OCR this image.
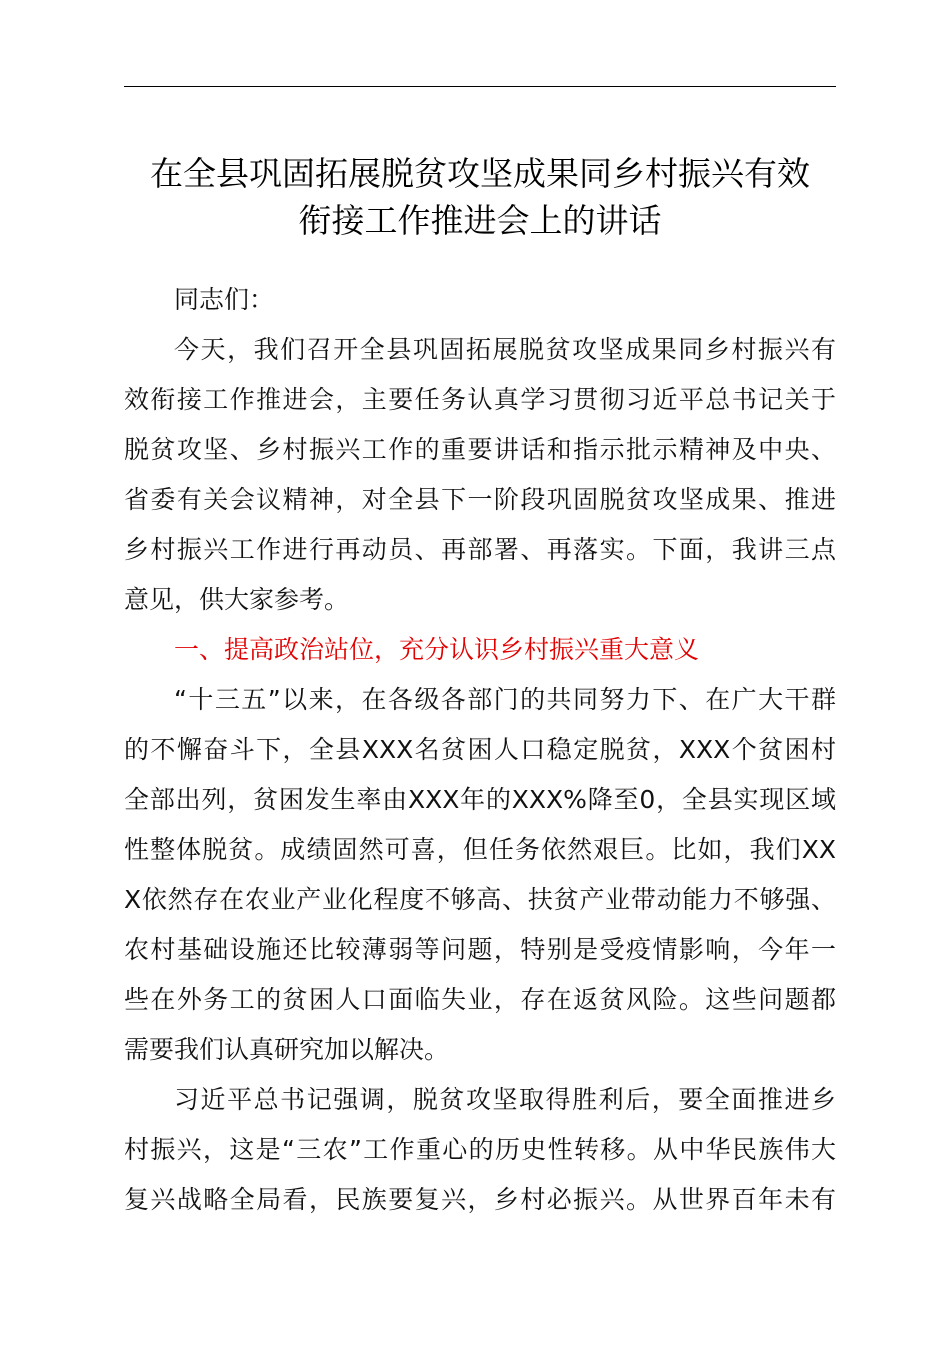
在全县巩固拓展脱贫攻坚成果同乡村振兴有效
衔接工作推进会上的讲话
同志们：
今天，我们召开全县巩固拓展脱贫攻坚成果同乡村振兴有
效衔接工作推进会，主要任务认真学习贯彻习近平总书记关于
脱贫攻坚、乡村振兴工作的重要讲话和指示批示精神及中央、
省委有关会议精神，对全县下一阶段巩固脱贫攻坚成果、推进
乡村振兴工作进行再动员、再部署、再落实。下面，我讲三点
意见，供大家参考。
一、提高政治站位，充分认识乡村振兴重大意义
“十三五”以来，在各级各部门的共同努力下、在广大干群
的不懈奋斗下，全县XXX名贫困人口稳定脱贫，XXX个贫困村
全部出列，贫困发生率由XXX年的XXX%降至0，全县实现区域
性整体脱贫。成绩固然可喜，但任务依然艰巨。比如，我们XX
X依然存在农业产业化程度不够高、扶贫产业带动能力不够强、
农村基础设施还比较薄弱等问题，特别是受疫情影响，今年一
些在外务工的贫困人口面临失业，存在返贫风险。这些问题都
需要我们认真研究加以解决。
习近平总书记强调，脱贫攻坚取得胜利后，要全面推进乡
村振兴，这是“三农”工作重心的历史性转移。从中华民族伟大
复兴战略全局看，民族要复兴，乡村必振兴。从世界百年未有
